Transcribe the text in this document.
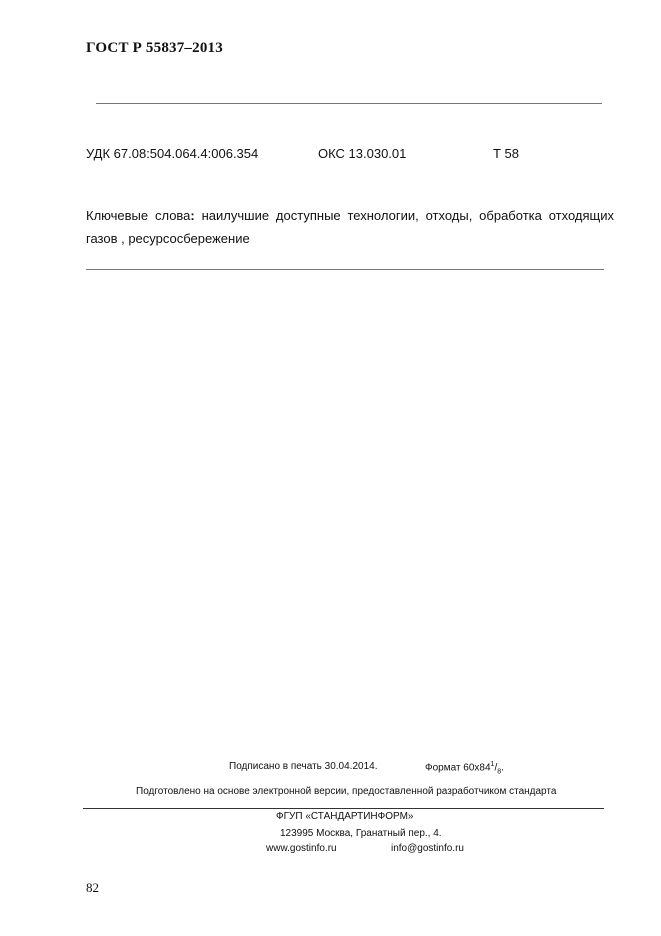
ГОСТ Р 55837–2013
УДК 67.08:504.064.4:006.354	ОКС 13.030.01	Т 58
Ключевые слова: наилучшие доступные технологии, отходы, обработка отходящих газов , ресурсосбережение
Подписано в печать 30.04.2014.	Формат $60х84^1/_8$.
Подготовлено на основе электронной версии, предоставленной разработчиком стандарта
ФГУП «СТАНДАРТИНФОРМ»
123995 Москва, Гранатный пер., 4.
www.gostinfo.ru	info@gostinfo.ru
82
